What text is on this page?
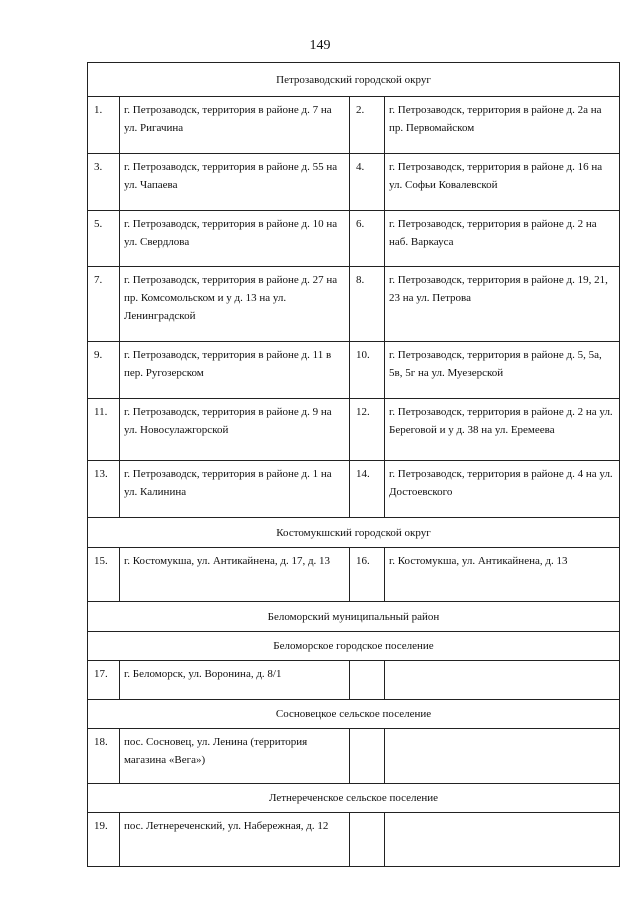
149
Петрозаводский городской округ			
1.	г. Петрозаводск, территория в районе д. 7 на ул. Ригачина	2.	г. Петрозаводск, территория в районе д. 2а на пр. Первомайском
3.	г. Петрозаводск, территория в районе д. 55 на ул. Чапаева	4.	г. Петрозаводск, территория в районе д. 16 на ул. Софьи Ковалевской
5.	г. Петрозаводск, территория в районе д. 10 на ул. Свердлова	6.	г. Петрозаводск, территория в районе д. 2 на наб. Варкауса
7.	г. Петрозаводск, территория в районе д. 27 на пр. Комсомольском и у д. 13 на ул. Ленинградской	8.	г. Петрозаводск, территория в районе д. 19, 21, 23 на ул. Петрова
9.	г. Петрозаводск, территория в районе д. 11 в пер. Ругозерском	10.	г. Петрозаводск, территория в районе д. 5, 5а, 5в, 5г на ул. Муезерской
11.	г. Петрозаводск, территория в районе д. 9 на ул. Новосулажгорской	12.	г. Петрозаводск, территория в районе д. 2 на ул. Береговой и у д. 38 на ул. Еремеева
13.	г. Петрозаводск, территория в районе д. 1 на ул. Калинина	14.	г. Петрозаводск, территория в районе д. 4 на ул. Достоевского
Костомукшский городской округ			
15.	г. Костомукша, ул. Антикайнена, д. 17, д. 13	16.	г. Костомукша, ул. Антикайнена, д. 13
Беломорский муниципальный район			
Беломорское городское поселение			
17.	г. Беломорск, ул. Воронина, д. 8/1		
Сосновецкое сельское поселение			
18.	пос. Сосновец, ул. Ленина (территория магазина «Вега»)		
Летнереченское сельское поселение			
19.	пос. Летнереченский, ул. Набережная, д. 12		
